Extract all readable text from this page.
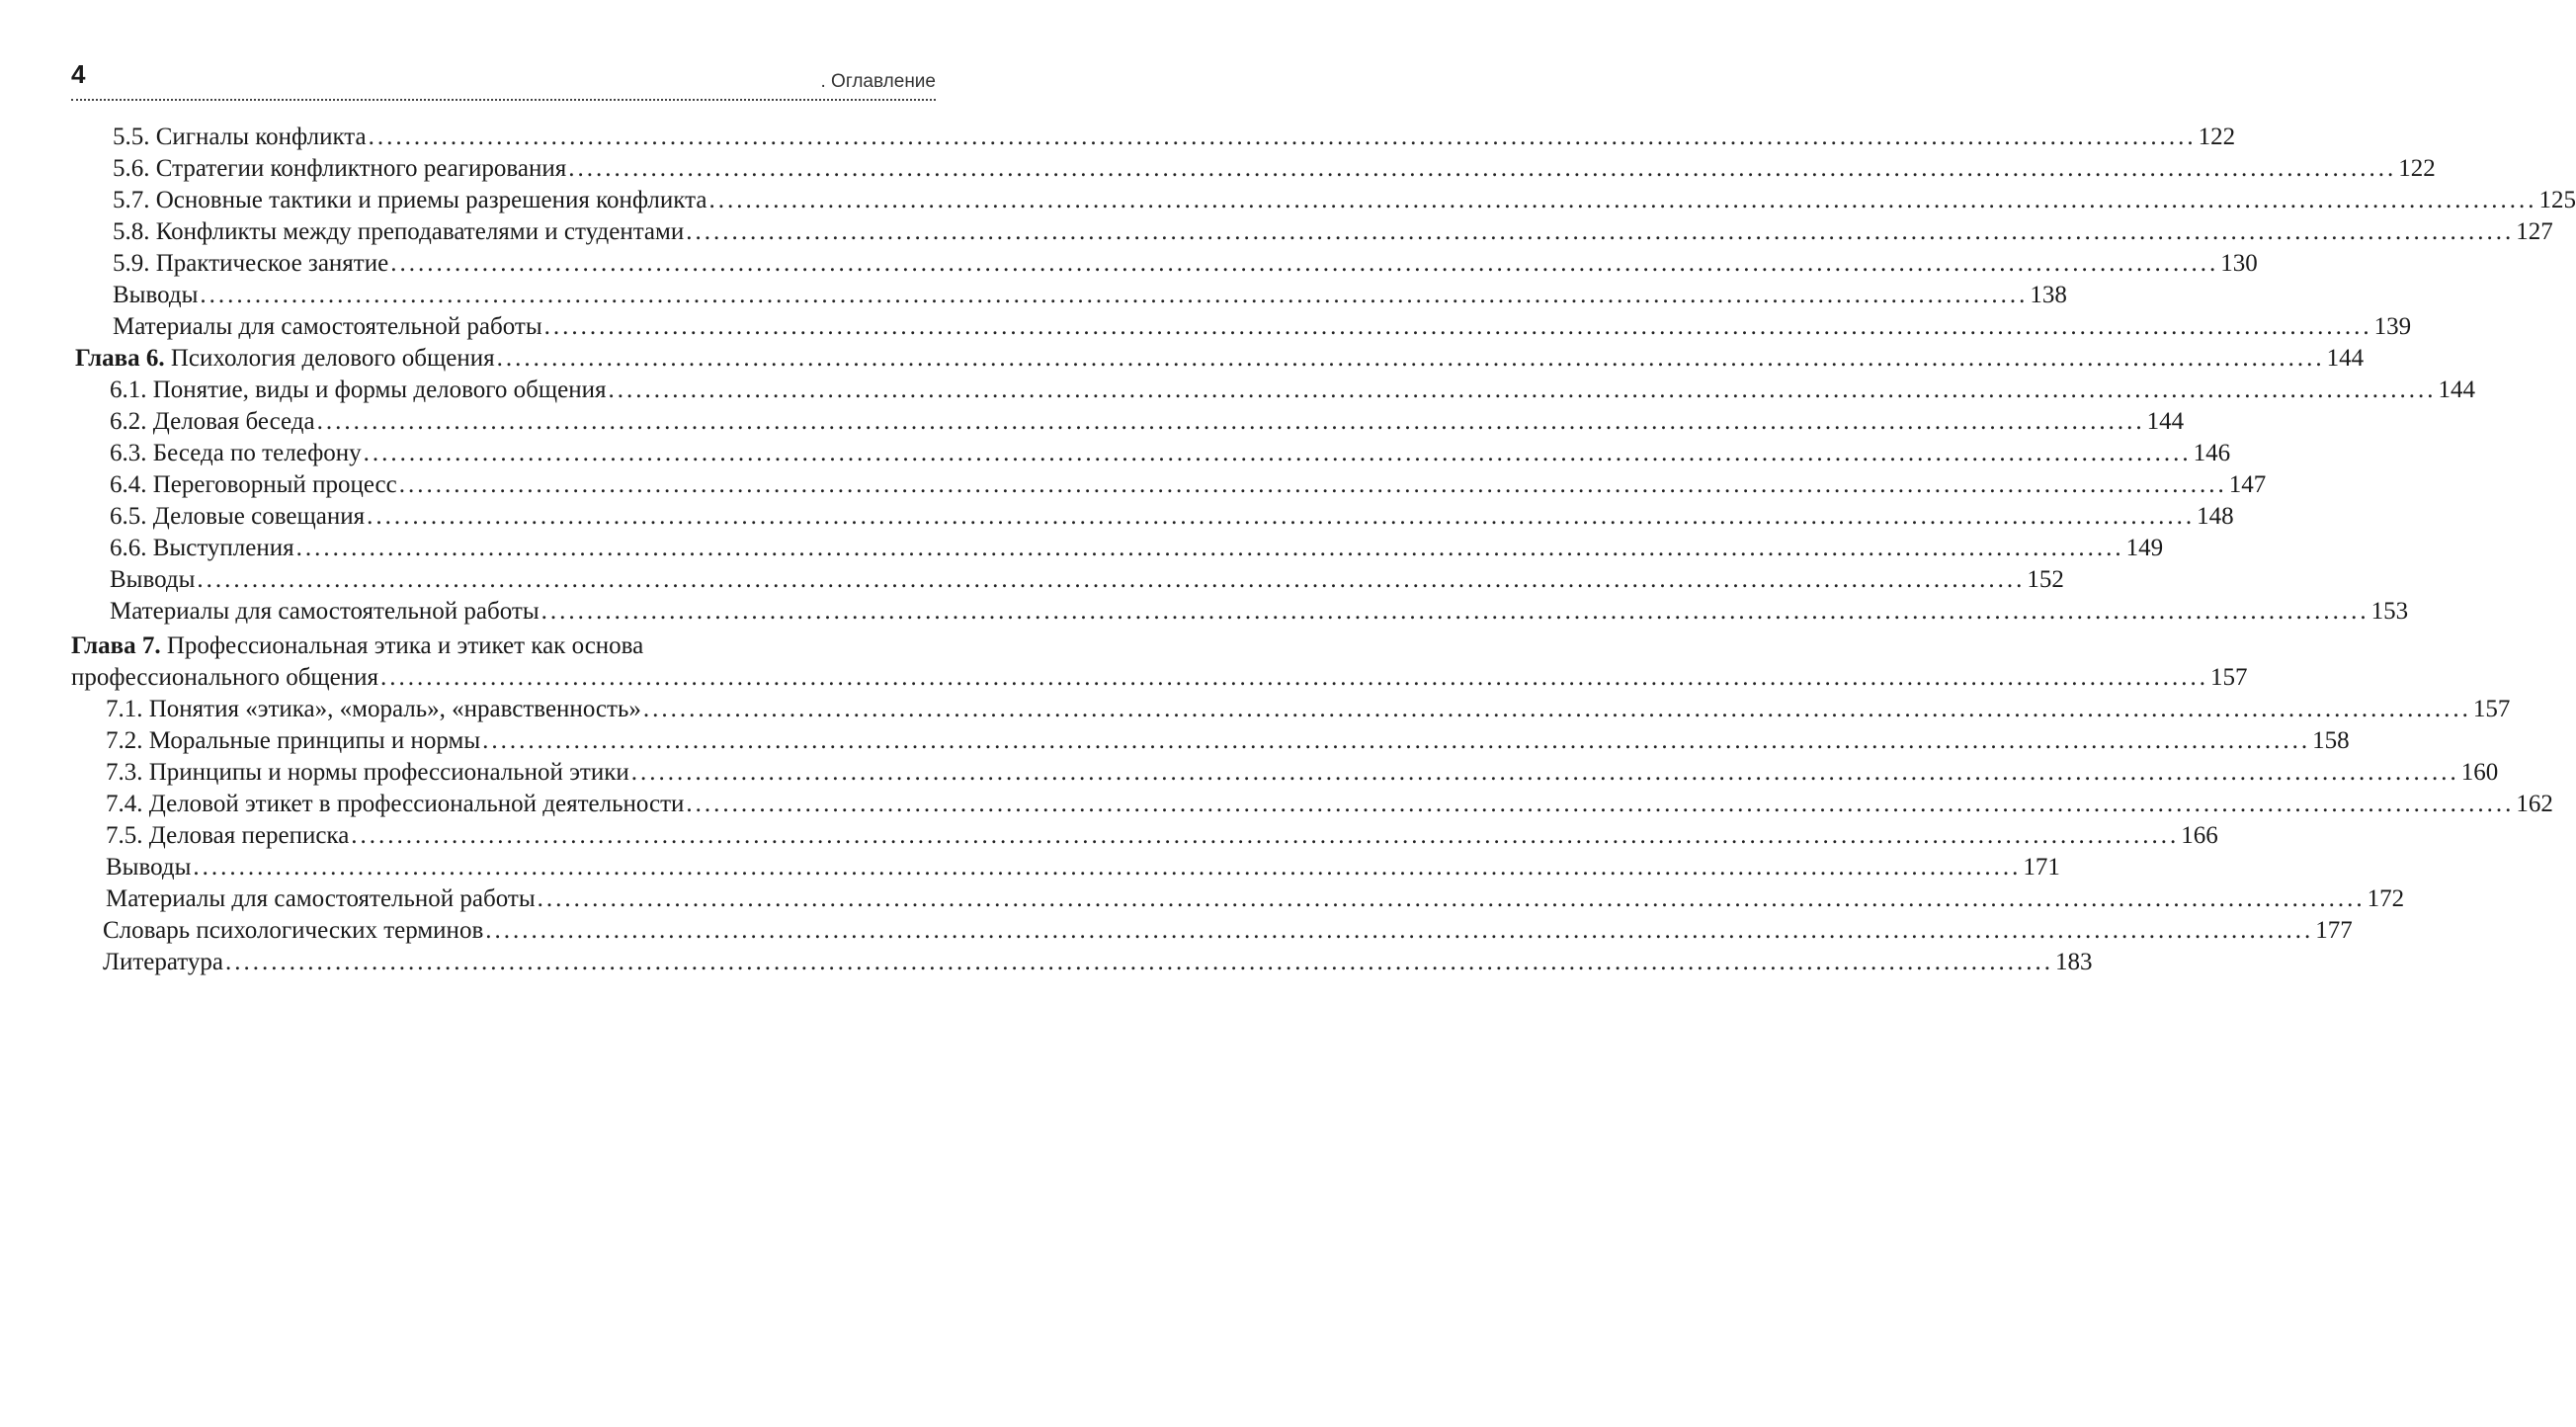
4	. Оглавление
5.5. Сигналы конфликта ........................................................................................................................................................................................................ 122
5.6. Стратегии конфликтного реагирования ........................................................................................................................................................................................................ 122
5.7. Основные тактики и приемы разрешения конфликта ........................................................................................................................................................................................................ 125
5.8. Конфликты между преподавателями и студентами ........................................................................................................................................................................................................ 127
5.9. Практическое занятие ........................................................................................................................................................................................................ 130
Выводы ........................................................................................................................................................................................................ 138
Материалы для самостоятельной работы ........................................................................................................................................................................................................ 139
Глава 6. Психология делового общения ........................................................................................................................................................................................................ 144
6.1. Понятие, виды и формы делового общения ........................................................................................................................................................................................................ 144
6.2. Деловая беседа ........................................................................................................................................................................................................ 144
6.3. Беседа по телефону ........................................................................................................................................................................................................ 146
6.4. Переговорный процесс ........................................................................................................................................................................................................ 147
6.5. Деловые совещания ........................................................................................................................................................................................................ 148
6.6. Выступления ........................................................................................................................................................................................................ 149
Выводы ........................................................................................................................................................................................................ 152
Материалы для самостоятельной работы ........................................................................................................................................................................................................ 153
Глава 7. Профессиональная этика и этикет как основа
профессионального общения ........................................................................................................................................................................................................ 157
7.1. Понятия «этика», «мораль», «нравственность» ........................................................................................................................................................................................................ 157
7.2. Моральные принципы и нормы ........................................................................................................................................................................................................ 158
7.3. Принципы и нормы профессиональной этики ........................................................................................................................................................................................................ 160
7.4. Деловой этикет в профессиональной деятельности ........................................................................................................................................................................................................ 162
7.5. Деловая переписка ........................................................................................................................................................................................................ 166
Выводы ........................................................................................................................................................................................................ 171
Материалы для самостоятельной работы ........................................................................................................................................................................................................ 172
Словарь психологических терминов ........................................................................................................................................................................................................ 177
Литература ........................................................................................................................................................................................................ 183
